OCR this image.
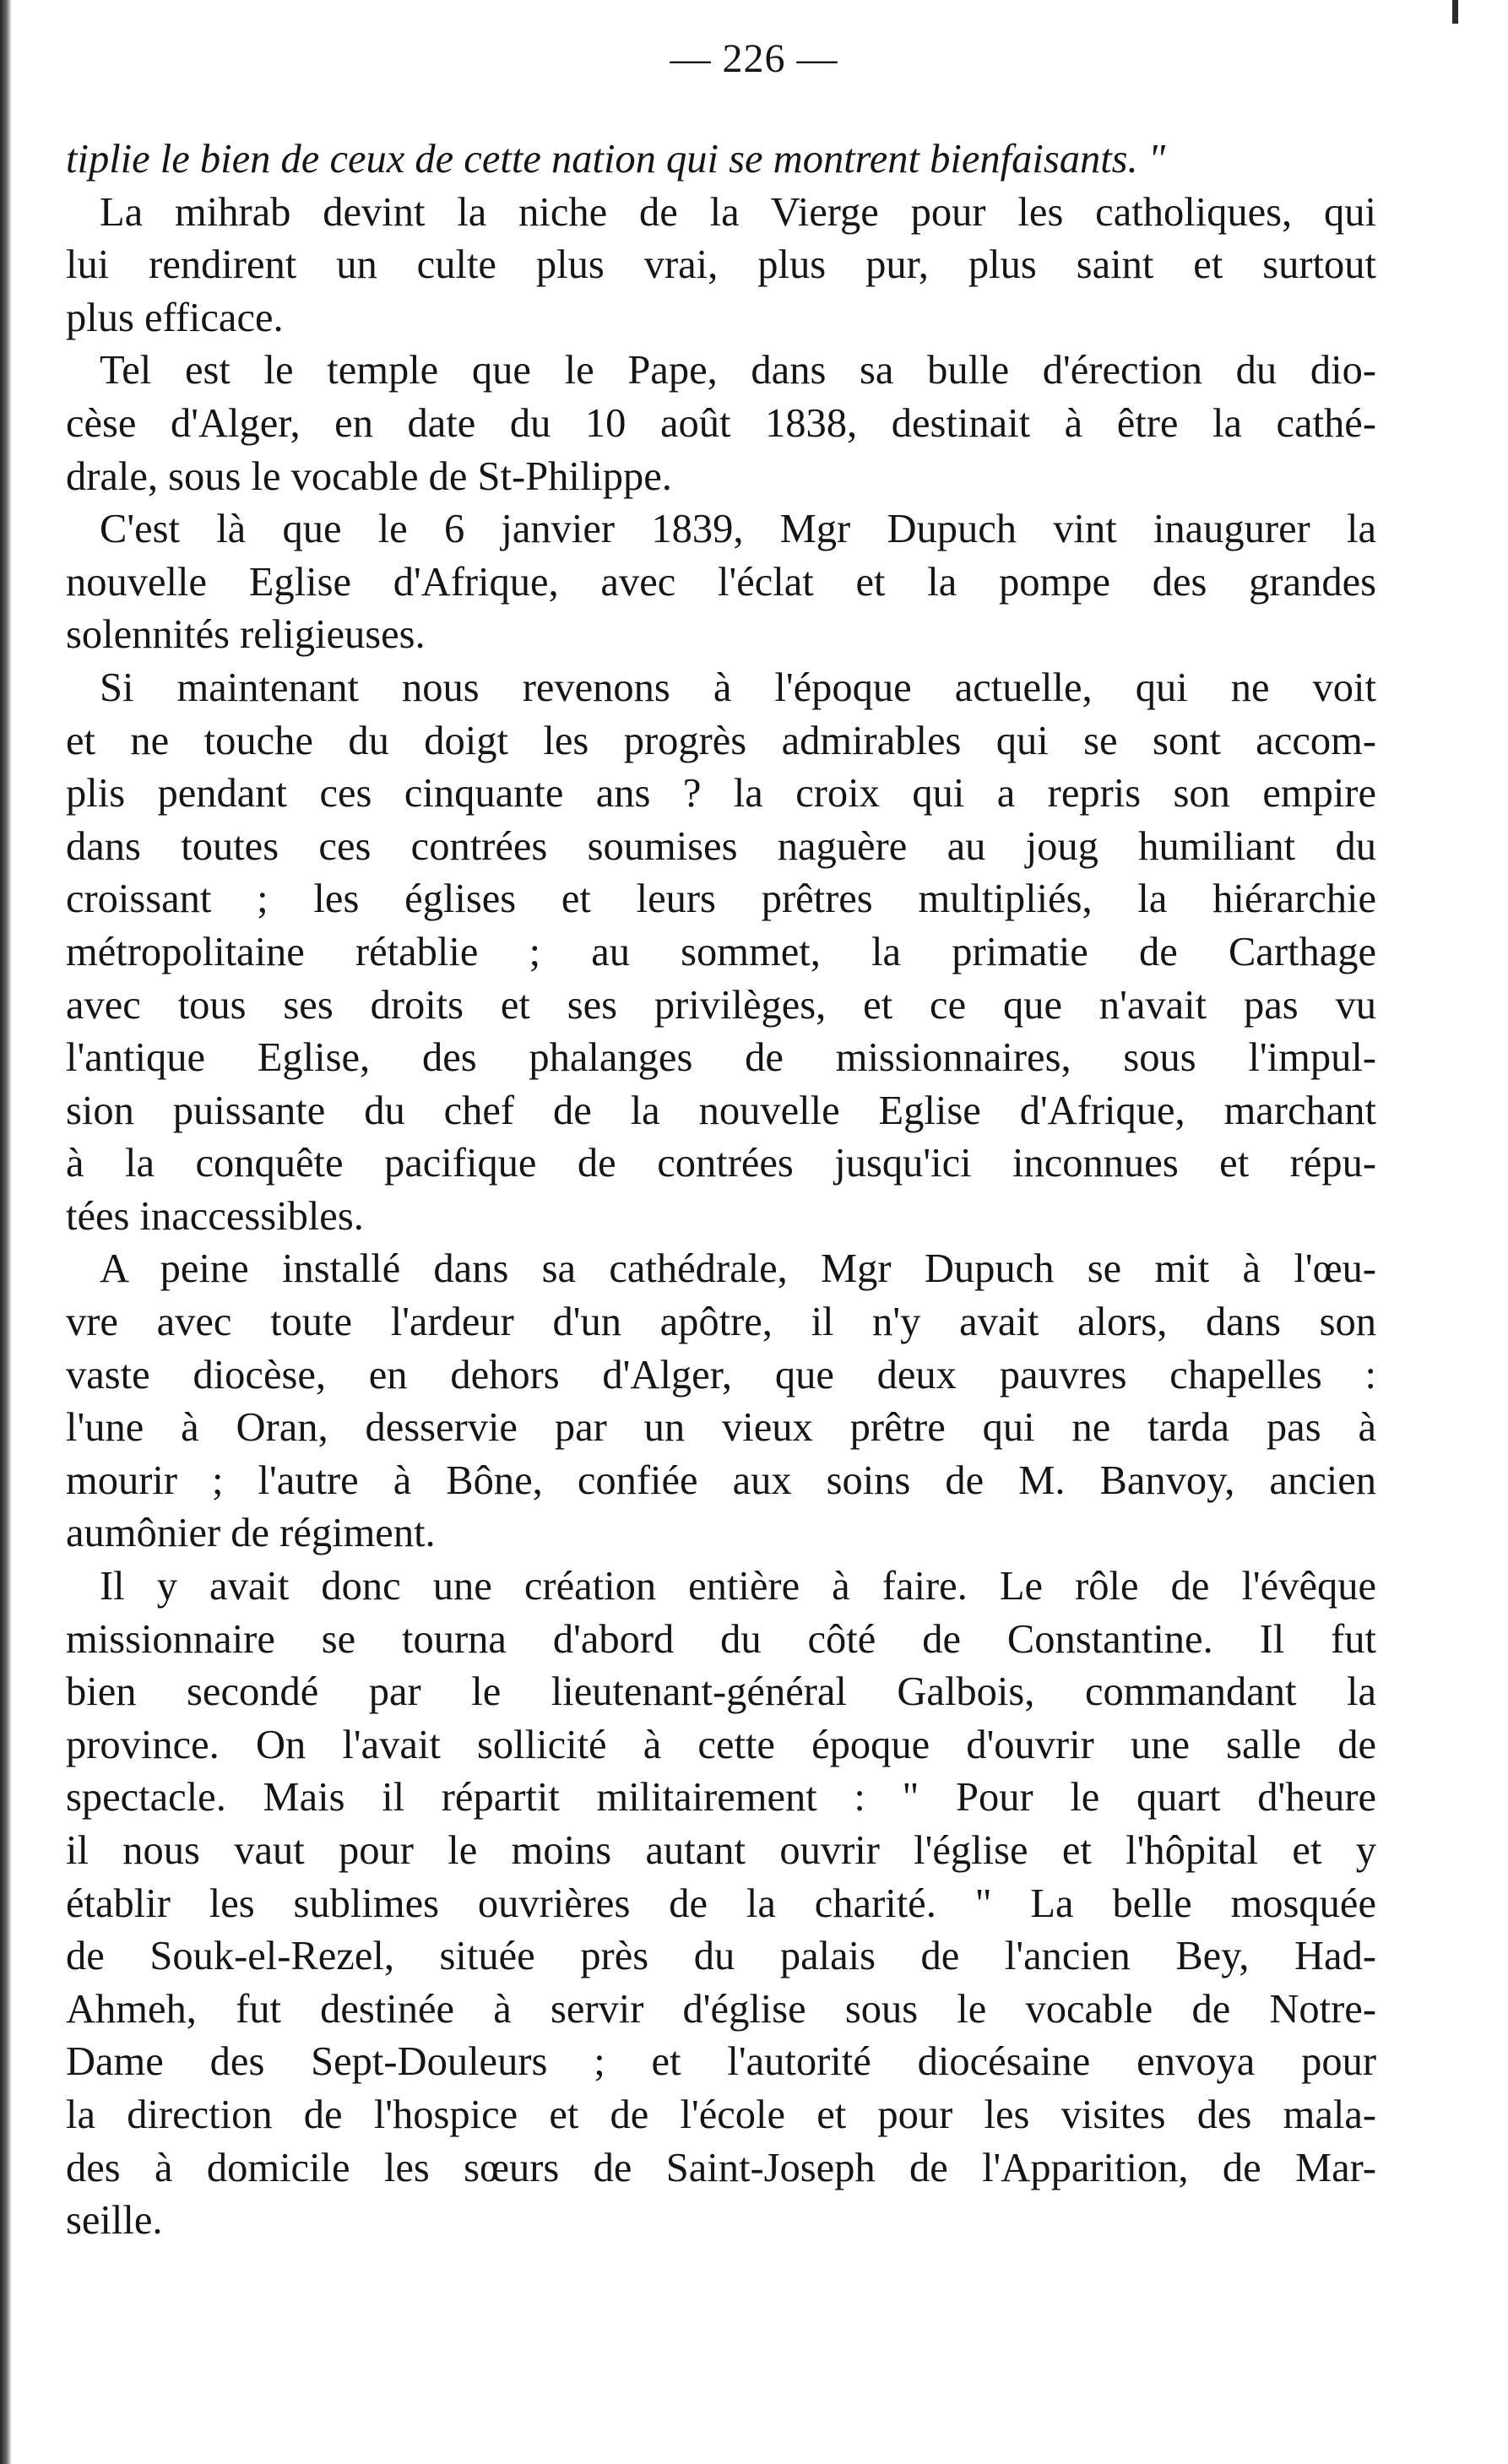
— 226 —
tiplie le bien de ceux de cette nation qui se montrent bienfaisants. "
La mihrab devint la niche de la Vierge pour les catholiques, qui
lui rendirent un culte plus vrai, plus pur, plus saint et surtout
plus efficace.
Tel est le temple que le Pape, dans sa bulle d'érection du dio-
cèse d'Alger, en date du 10 août 1838, destinait à être la cathé-
drale, sous le vocable de St-Philippe.
C'est là que le 6 janvier 1839, Mgr Dupuch vint inaugurer la
nouvelle Eglise d'Afrique, avec l'éclat et la pompe des grandes
solennités religieuses.
Si maintenant nous revenons à l'époque actuelle, qui ne voit
et ne touche du doigt les progrès admirables qui se sont accom-
plis pendant ces cinquante ans ? la croix qui a repris son empire
dans toutes ces contrées soumises naguère au joug humiliant du
croissant ; les églises et leurs prêtres multipliés, la hiérarchie
métropolitaine rétablie ; au sommet, la primatie de Carthage
avec tous ses droits et ses privilèges, et ce que n'avait pas vu
l'antique Eglise, des phalanges de missionnaires, sous l'impul-
sion puissante du chef de la nouvelle Eglise d'Afrique, marchant
à la conquête pacifique de contrées jusqu'ici inconnues et répu-
tées inaccessibles.
A peine installé dans sa cathédrale, Mgr Dupuch se mit à l'œu-
vre avec toute l'ardeur d'un apôtre, il n'y avait alors, dans son
vaste diocèse, en dehors d'Alger, que deux pauvres chapelles :
l'une à Oran, desservie par un vieux prêtre qui ne tarda pas à
mourir ; l'autre à Bône, confiée aux soins de M. Banvoy, ancien
aumônier de régiment.
Il y avait donc une création entière à faire. Le rôle de l'évêque
missionnaire se tourna d'abord du côté de Constantine. Il fut
bien secondé par le lieutenant-général Galbois, commandant la
province. On l'avait sollicité à cette époque d'ouvrir une salle de
spectacle. Mais il répartit militairement : " Pour le quart d'heure
il nous vaut pour le moins autant ouvrir l'église et l'hôpital et y
établir les sublimes ouvrières de la charité. " La belle mosquée
de Souk-el-Rezel, située près du palais de l'ancien Bey, Had-
Ahmeh, fut destinée à servir d'église sous le vocable de Notre-
Dame des Sept-Douleurs ; et l'autorité diocésaine envoya pour
la direction de l'hospice et de l'école et pour les visites des mala-
des à domicile les sœurs de Saint-Joseph de l'Apparition, de Mar-
seille.
